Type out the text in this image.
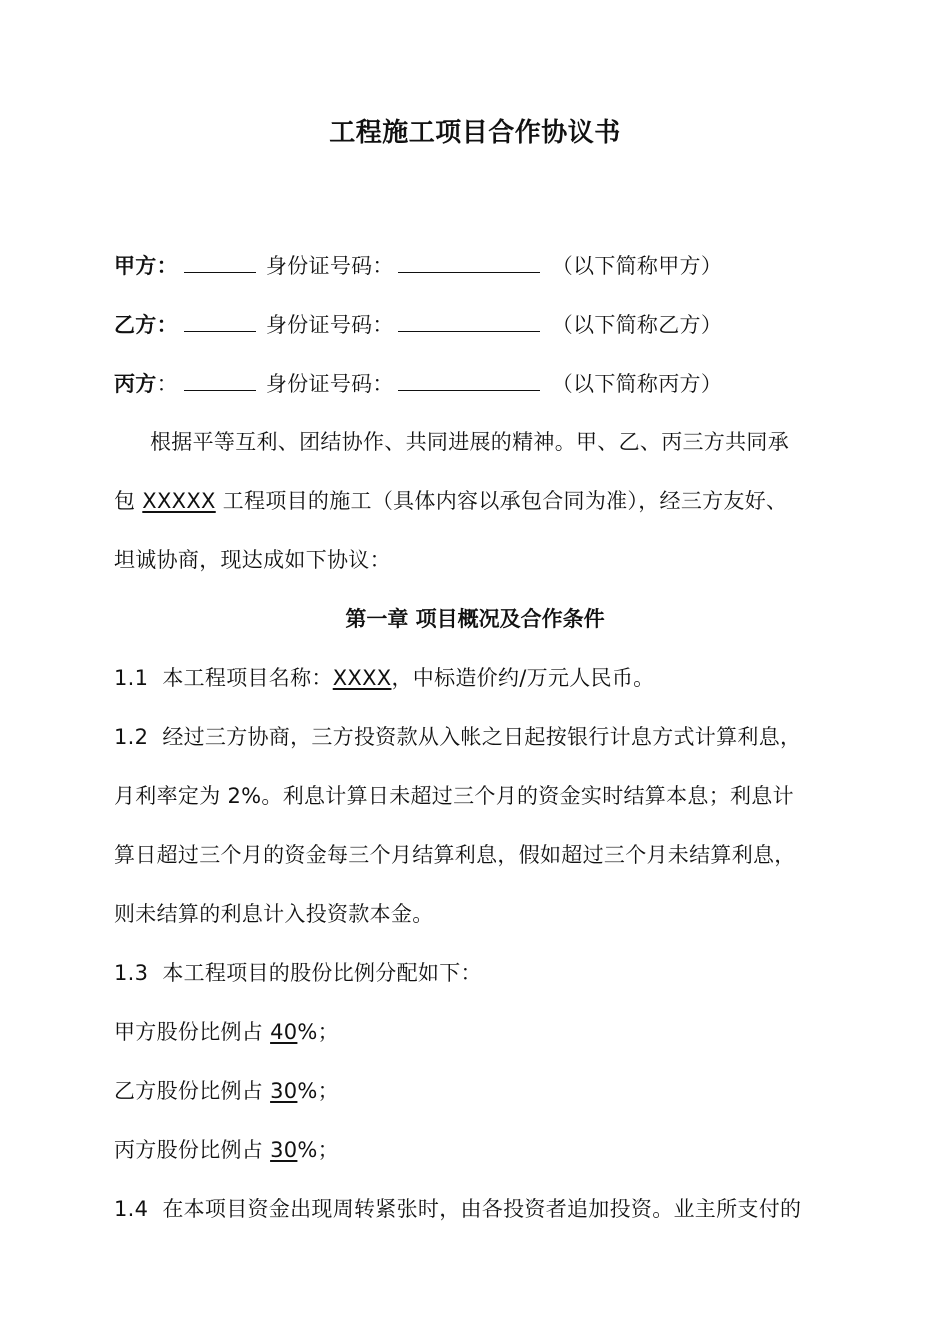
工程施工项目合作协议书
甲方：	身份证号码：	（以下简称甲方）
乙方：	身份证号码：	（以下简称乙方）
丙方：	身份证号码：	（以下简称丙方）
根据平等互利、团结协作、共同进展的精神。甲、乙、丙三方共同承
包 XXXXX 工程项目的施工（具体内容以承包合同为准），经三方友好、
坦诚协商，现达成如下协议：
第一章 项目概况及合作条件
1.1 本工程项目名称：XXXX，中标造价约/万元人民币。
1.2 经过三方协商，三方投资款从入帐之日起按银行计息方式计算利息，
月利率定为 2%。利息计算日未超过三个月的资金实时结算本息；利息计
算日超过三个月的资金每三个月结算利息，假如超过三个月未结算利息，
则未结算的利息计入投资款本金。
1.3 本工程项目的股份比例分配如下：
甲方股份比例占 40%；
乙方股份比例占 30%；
丙方股份比例占 30%；
1.4 在本项目资金出现周转紧张时，由各投资者追加投资。业主所支付的
